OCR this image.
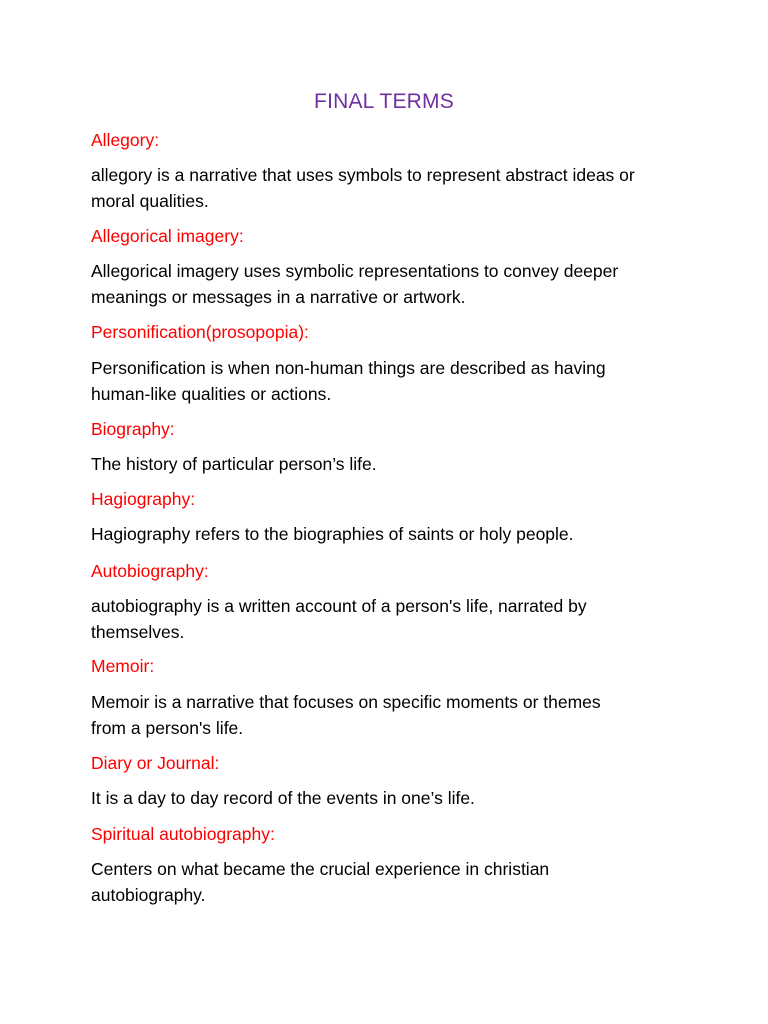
FINAL TERMS
Allegory:
allegory is a narrative that uses symbols to represent abstract ideas or
moral qualities.
Allegorical imagery:
Allegorical imagery uses symbolic representations to convey deeper
meanings or messages in a narrative or artwork.
Personification(prosopopia):
Personification is when non-human things are described as having
human-like qualities or actions.
Biography:
The history of particular person’s life.
Hagiography:
Hagiography refers to the biographies of saints or holy people.
Autobiography:
autobiography is a written account of a person's life, narrated by
themselves.
Memoir:
Memoir is a narrative that focuses on specific moments or themes
from a person's life.
Diary or Journal:
It is a day to day record of the events in one’s life.
Spiritual autobiography:
Centers on what became the crucial experience in christian
autobiography.
